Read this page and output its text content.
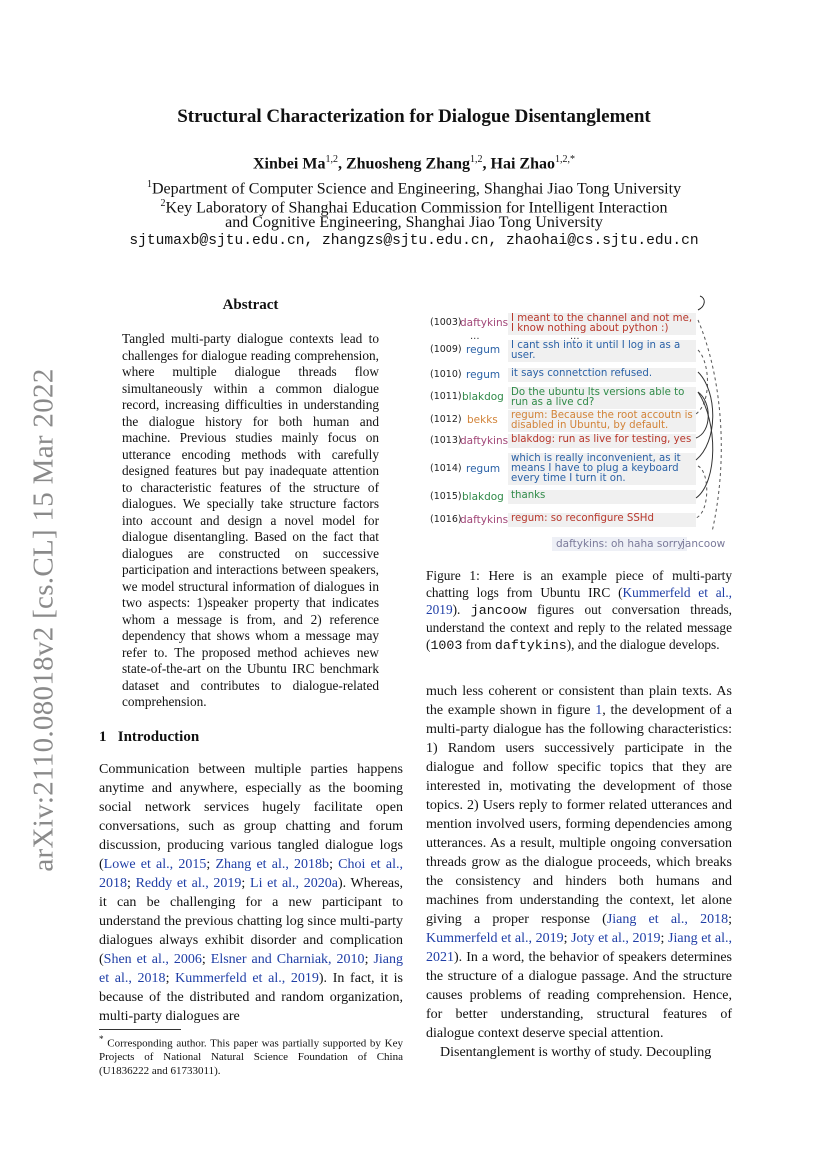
arXiv:2110.08018v2 [cs.CL] 15 Mar 2022
Structural Characterization for Dialogue Disentanglement
Xinbei Ma$^{1,2}$, Zhuosheng Zhang$^{1,2}$, Hai Zhao$^{1,2,*}$
$^1$Department of Computer Science and Engineering, Shanghai Jiao Tong University
$^2$Key Laboratory of Shanghai Education Commission for Intelligent Interaction
and Cognitive Engineering, Shanghai Jiao Tong University
sjtumaxb@sjtu.edu.cn, zhangzs@sjtu.edu.cn, zhaohai@cs.sjtu.edu.cn
Abstract
Tangled multi-party dialogue contexts lead to challenges for dialogue reading comprehension, where multiple dialogue threads flow simultaneously within a common dialogue record, increasing difficulties in understanding the dialogue history for both human and machine. Previous studies mainly focus on utterance encoding methods with carefully designed features but pay inadequate attention to characteristic features of the structure of dialogues. We specially take structure factors into account and design a novel model for dialogue disentangling. Based on the fact that dialogues are constructed on successive participation and interactions between speakers, we model structural information of dialogues in two aspects: 1)speaker property that indicates whom a message is from, and 2) reference dependency that shows whom a message may refer to. The proposed method achieves new state-of-the-art on the Ubuntu IRC benchmark dataset and contributes to dialogue-related comprehension.
1 Introduction
Communication between multiple parties happens anytime and anywhere, especially as the booming social network services hugely facilitate open conversations, such as group chatting and forum discussion, producing various tangled dialogue logs (Lowe et al., 2015; Zhang et al., 2018b; Choi et al., 2018; Reddy et al., 2019; Li et al., 2020a). Whereas, it can be challenging for a new participant to understand the previous chatting log since multi-party dialogues always exhibit disorder and complication (Shen et al., 2006; Elsner and Charniak, 2010; Jiang et al., 2018; Kummerfeld et al., 2019). In fact, it is because of the distributed and random organization, multi-party dialogues are
* Corresponding author. This paper was partially supported by Key Projects of National Natural Science Foundation of China (U1836222 and 61733011).
(1003)
daftykins I meant to the channel and not me, I know nothing about python :)
(1009) regum I cant ssh into it until I log in as a user.
(1010) regum it says connetction refused.
(1011) blakdog Do the ubuntu lts versions able to run as a live cd?
(1012) bekks regum: Because the root accoutn is disabled in Ubuntu, by default.
(1013)
daftykins blakdog: run as live for testing, yes
(1014) regum
which is really inconvenient, as it means I have to plug a keyboard every time I turn it on.
(1015) blakdog thanks
(1016)
daftykins regum: so reconfigure SSHd
...	...
daftykins: oh haha sorry
jancoow
Figure 1: Here is an example piece of multi-party chatting logs from Ubuntu IRC (Kummerfeld et al., 2019). jancoow figures out conversation threads, understand the context and reply to the related message (1003 from daftykins), and the dialogue develops.
much less coherent or consistent than plain texts. As the example shown in figure 1, the development of a multi-party dialogue has the following characteristics: 1) Random users successively participate in the dialogue and follow specific topics that they are interested in, motivating the development of those topics. 2) Users reply to former related utterances and mention involved users, forming dependencies among utterances. As a result, multiple ongoing conversation threads grow as the dialogue proceeds, which breaks the consistency and hinders both humans and machines from understanding the context, let alone giving a proper response (Jiang et al., 2018; Kummerfeld et al., 2019; Joty et al., 2019; Jiang et al., 2021). In a word, the behavior of speakers determines the structure of a dialogue passage. And the structure causes problems of reading comprehension. Hence, for better understanding, structural features of dialogue context deserve special attention.
Disentanglement is worthy of study. Decoupling
